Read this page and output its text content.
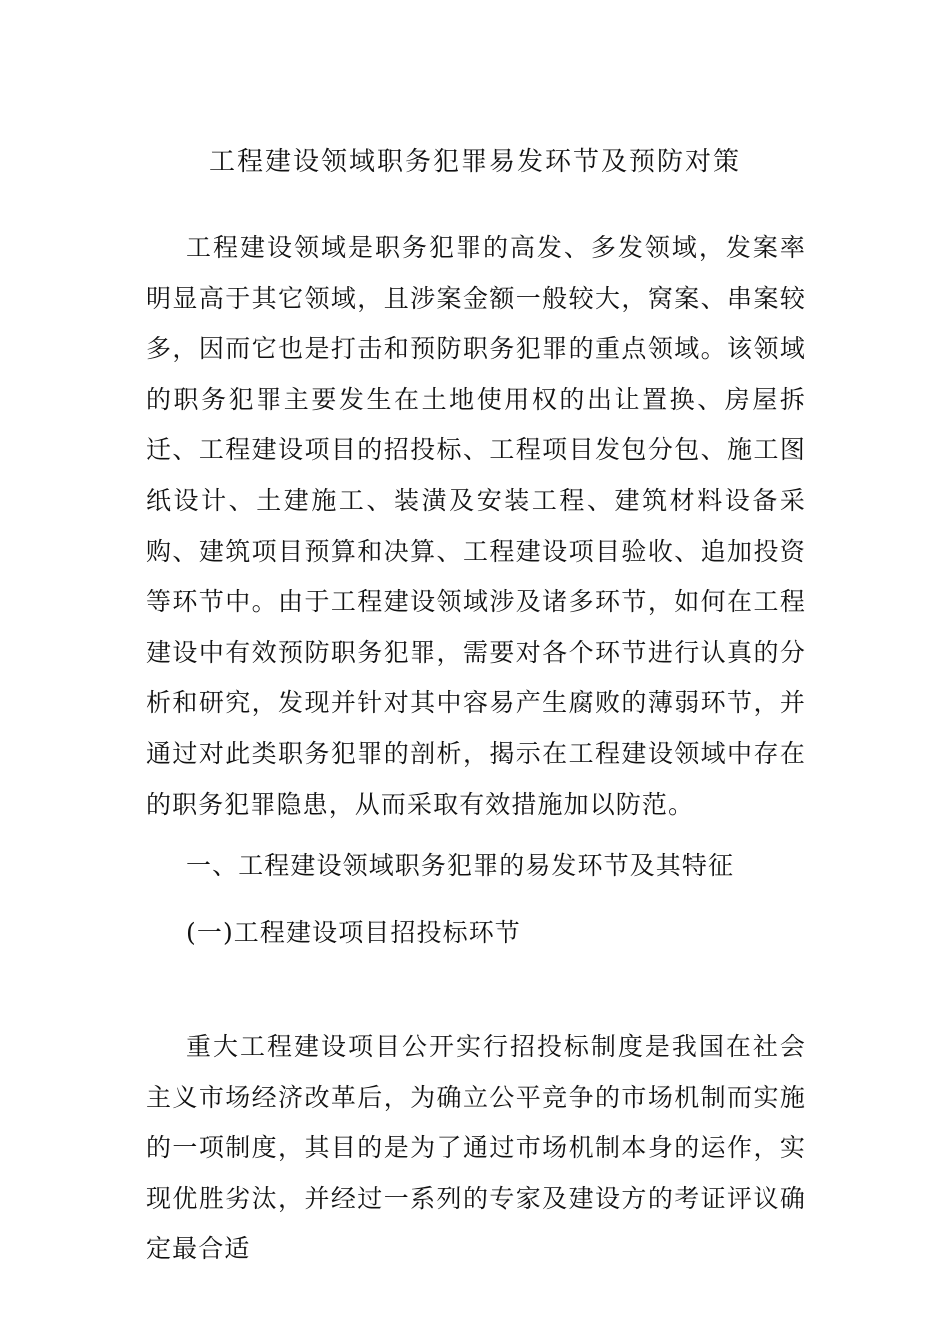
工程建设领域职务犯罪易发环节及预防对策

工程建设领域是职务犯罪的高发、多发领域，发案率明显高于其它领域，且涉案金额一般较大，窝案、串案较多，因而它也是打击和预防职务犯罪的重点领域。该领域的职务犯罪主要发生在土地使用权的出让置换、房屋拆迁、工程建设项目的招投标、工程项目发包分包、施工图纸设计、土建施工、装潢及安装工程、建筑材料设备采购、建筑项目预算和决算、工程建设项目验收、追加投资等环节中。由于工程建设领域涉及诸多环节，如何在工程建设中有效预防职务犯罪，需要对各个环节进行认真的分析和研究，发现并针对其中容易产生腐败的薄弱环节，并通过对此类职务犯罪的剖析，揭示在工程建设领域中存在的职务犯罪隐患，从而采取有效措施加以防范。

一、工程建设领域职务犯罪的易发环节及其特征
(一)工程建设项目招投标环节

重大工程建设项目公开实行招投标制度是我国在社会主义市场经济改革后，为确立公平竞争的市场机制而实施的一项制度，其目的是为了通过市场机制本身的运作，实现优胜劣汰，并经过一系列的专家及建设方的考证评议确定最合适
